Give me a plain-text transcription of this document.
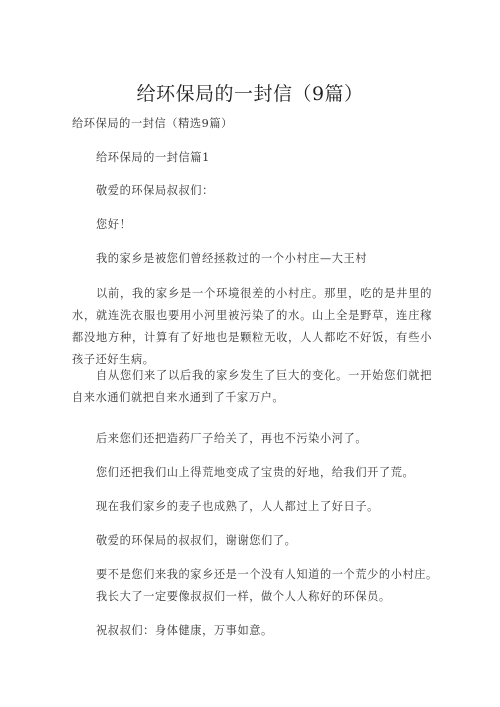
给环保局的一封信（9篇）
给环保局的一封信（精选9篇）
给环保局的一封信篇1
敬爱的环保局叔叔们：
您好！
我的家乡是被您们曾经拯救过的一个小村庄—大王村
以前，我的家乡是一个环境很差的小村庄。那里，吃的是井里的水，就连洗衣服也要用小河里被污染了的水。山上全是野草，连庄稼都没地方种，计算有了好地也是颗粒无收，人人都吃不好饭，有些小孩子还好生病。
自从您们来了以后我的家乡发生了巨大的变化。一开始您们就把自来水通们就把自来水通到了千家万户。
后来您们还把造药厂子给关了，再也不污染小河了。
您们还把我们山上得荒地变成了宝贵的好地，给我们开了荒。
现在我们家乡的麦子也成熟了，人人都过上了好日子。
敬爱的环保局的叔叔们，谢谢您们了。
要不是您们来我的家乡还是一个没有人知道的一个荒少的小村庄。
我长大了一定要像叔叔们一样，做个人人称好的环保员。
祝叔叔们：身体健康，万事如意。
